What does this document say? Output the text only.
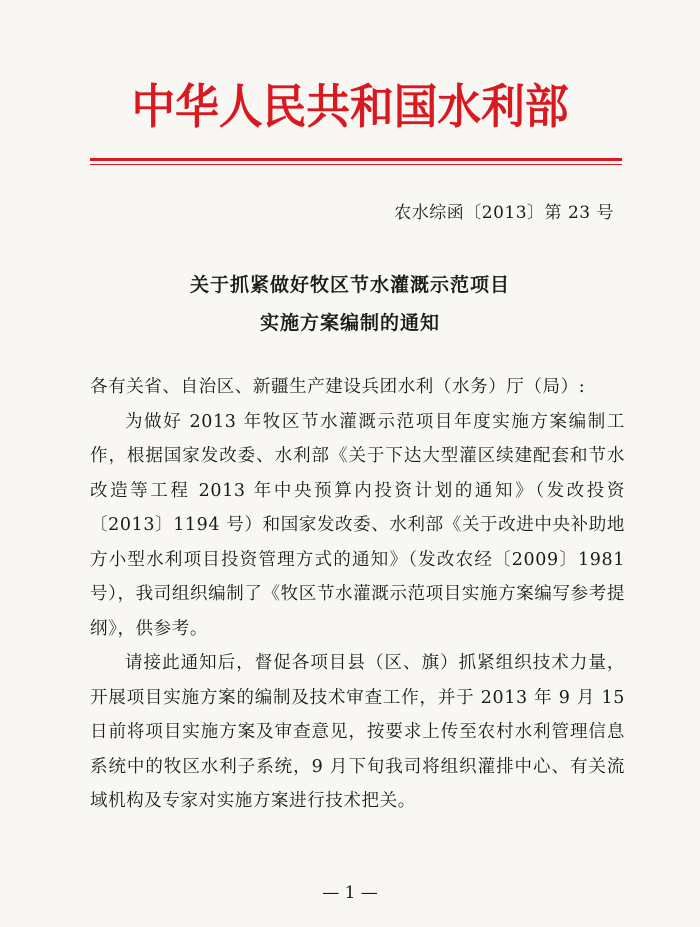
中华人民共和国水利部
农水综函〔2013〕第 23 号
关于抓紧做好牧区节水灌溉示范项目
实施方案编制的通知

各有关省、自治区、新疆生产建设兵团水利（水务）厅（局）:

为做好 2013 年牧区节水灌溉示范项目年度实施方案编制工作，根据国家发改委、水利部《关于下达大型灌区续建配套和节水改造等工程 2013 年中央预算内投资计划的通知》（发改投资〔2013〕1194 号）和国家发改委、水利部《关于改进中央补助地方小型水利项目投资管理方式的通知》（发改农经〔2009〕1981 号），我司组织编制了《牧区节水灌溉示范项目实施方案编写参考提纲》，供参考。

请接此通知后，督促各项目县（区、旗）抓紧组织技术力量，开展项目实施方案的编制及技术审查工作，并于 2013 年 9 月 15 日前将项目实施方案及审查意见，按要求上传至农村水利管理信息系统中的牧区水利子系统，9 月下旬我司将组织灌排中心、有关流域机构及专家对实施方案进行技术把关。

— 1 —
